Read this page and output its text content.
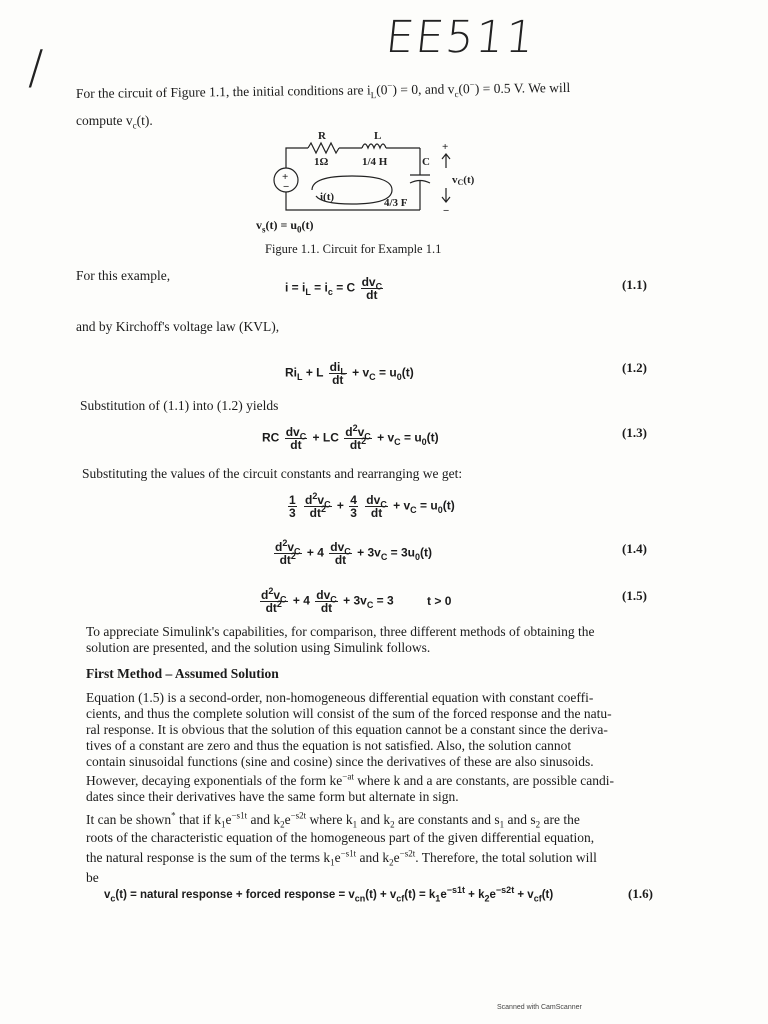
/
EE511
For the circuit of Figure 1.1, the initial conditions are $i_L(0^-) = 0$, and $v_c(0^-) = 0.5$ V. We will
compute $v_c(t)$.
R
1Ω
L
1/4 H	C
4/3 F
i(t)
+
−
+
vC(t)
−
$v_s(t) = u_0(t)$
Figure 1.1. Circuit for Example 1.1
For this example,
$i = i_L = i_c = C \frac{dv_C}{dt}$	(1.1)
and by Kirchoff's voltage law (KVL),
$Ri_L + L \frac{di_L}{dt} + v_C = u_0(t)$	(1.2)
Substitution of (1.1) into (1.2) yields
RC $\frac{dv_C}{dt}$ + LC $\frac{d^2v_C}{dt^2} + v_C = u_0(t)$	(1.3)
Substituting the values of the circuit constants and rearranging we get:
$\frac{1}{3}$
$\frac{d^2v_C}{dt^2} + \frac{4}{3}$
$\frac{dv_C}{dt} + v_C = u_0(t)$
$\frac{d^2v_C}{dt^2} + 4 \frac{dv_C}{dt} + 3v_C = 3u_0(t)$	(1.4)
$\frac{d^2v_C}{dt^2} + 4 \frac{dv_C}{dt} + 3v_C = 3$	t > 0	(1.5)
To appreciate Simulink's capabilities, for comparison, three different methods of obtaining the
solution are presented, and the solution using Simulink follows.
First Method – Assumed Solution
Equation (1.5) is a second-order, non-homogeneous differential equation with constant coeffi-
cients, and thus the complete solution will consist of the sum of the forced response and the natu-
ral response. It is obvious that the solution of this equation cannot be a constant since the deriva-
tives of a constant are zero and thus the equation is not satisfied. Also, the solution cannot
contain sinusoidal functions (sine and cosine) since the derivatives of these are also sinusoids.
However, decaying exponentials of the form $ke^{-at}$ where k and a are constants, are possible candi-
dates since their derivatives have the same form but alternate in sign.
It can be shown* that if $k_1e^{-s1t}$ and $k_2e^{-s2t}$ where $k_1$ and $k_2$ are constants and $s_1$ and $s_2$ are the
roots of the characteristic equation of the homogeneous part of the given differential equation,
the natural response is the sum of the terms $k_1e^{-s1t}$ and $k_2e^{-s2t}$. Therefore, the total solution will
be
$v_c(t)$ = natural response + forced response = $v_{cn}(t) + v_{cf}(t) = k_1e^{-s1t} + k_2e^{-s2t} + v_{cf}(t)$	(1.6)
Scanned with CamScanner
